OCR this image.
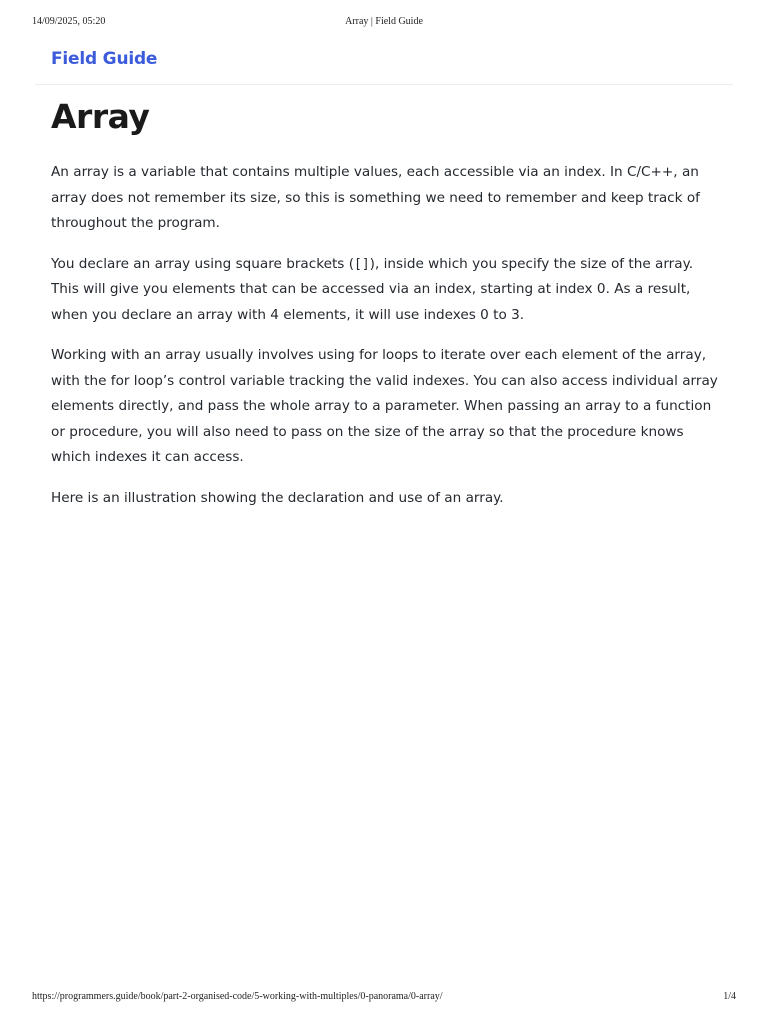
14/09/2025, 05:20	Array | Field Guide
Field Guide
Array

An array is a variable that contains multiple values, each accessible via an index. In C/C++, an array does not remember its size, so this is something we need to remember and keep track of throughout the program.

You declare an array using square brackets ([]), inside which you specify the size of the array. This will give you elements that can be accessed via an index, starting at index 0. As a result, when you declare an array with 4 elements, it will use indexes 0 to 3.

Working with an array usually involves using for loops to iterate over each element of the array, with the for loop’s control variable tracking the valid indexes. You can also access individual array elements directly, and pass the whole array to a parameter. When passing an array to a function or procedure, you will also need to pass on the size of the array so that the procedure knows which indexes it can access.

Here is an illustration showing the declaration and use of an array.

https://programmers.guide/book/part-2-organised-code/5-working-with-multiples/0-panorama/0-array/	1/4
